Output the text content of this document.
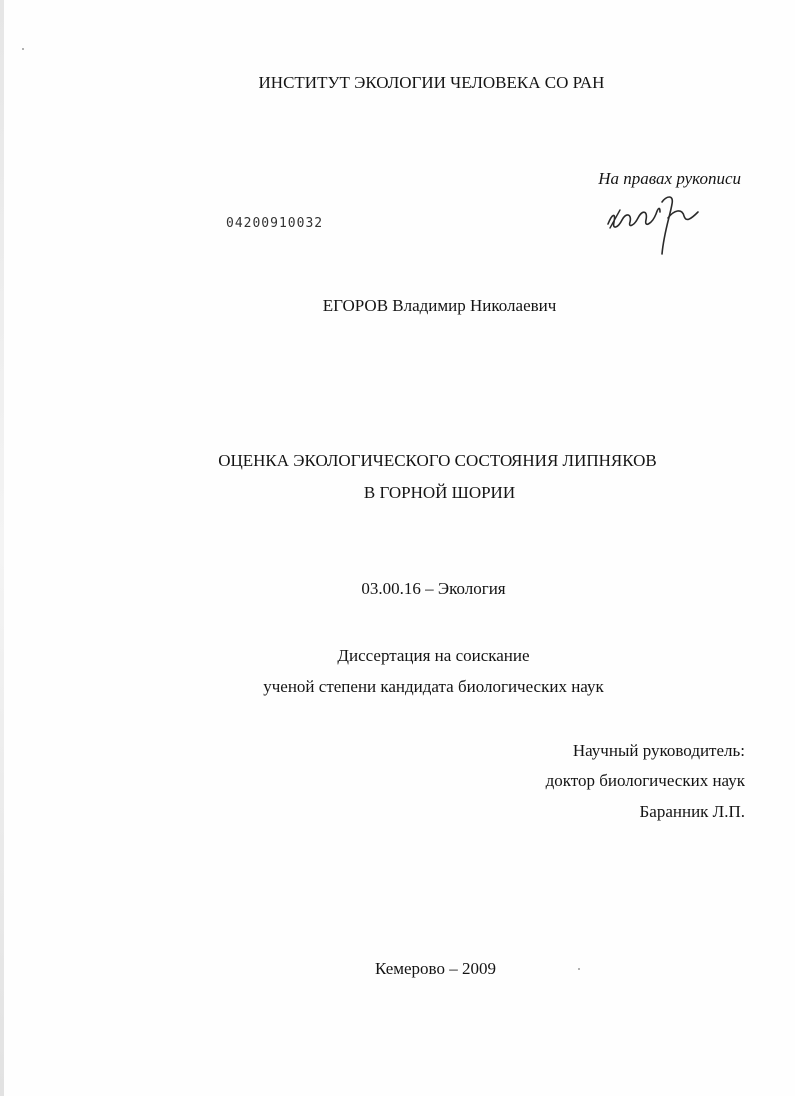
ИНСТИТУТ ЭКОЛОГИИ ЧЕЛОВЕКА СО РАН
На правах рукописи
04200910032
ЕГОРОВ Владимир Николаевич
ОЦЕНКА ЭКОЛОГИЧЕСКОГО СОСТОЯНИЯ ЛИПНЯКОВ
В ГОРНОЙ ШОРИИ
03.00.16 – Экология
Диссертация на соискание
ученой степени кандидата биологических наук
Научный руководитель:
доктор биологических наук
Баранник Л.П.
Кемерово – 2009
